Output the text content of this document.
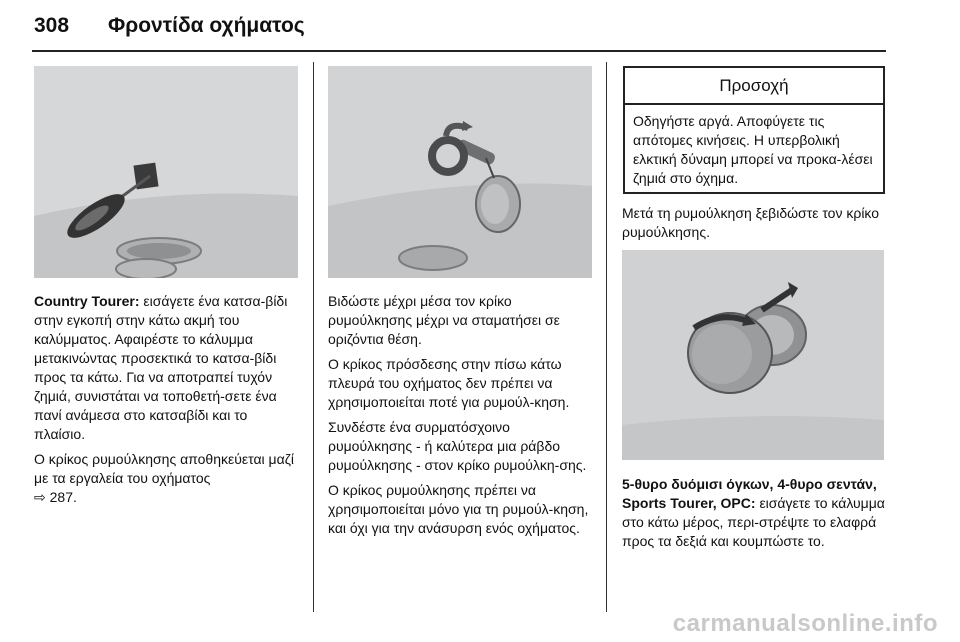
308 Φροντίδα οχήματος

Country Tourer: εισάγετε ένα κατσα-βίδι στην εγκοπή στην κάτω ακμή του καλύμματος. Αφαιρέστε το κάλυμμα μετακινώντας προσεκτικά το κατσα-βίδι προς τα κάτω. Για να αποτραπεί τυχόν ζημιά, συνιστάται να τοποθετή-σετε ένα πανί ανάμεσα στο κατσαβίδι και το πλαίσιο.

Ο κρίκος ρυμούλκησης αποθηκεύεται μαζί με τα εργαλεία του οχήματος
⇨ 287.

Βιδώστε μέχρι μέσα τον κρίκο ρυμούλκησης μέχρι να σταματήσει σε οριζόντια θέση.

Ο κρίκος πρόσδεσης στην πίσω κάτω πλευρά του οχήματος δεν πρέπει να χρησιμοποιείται ποτέ για ρυμούλ-κηση.

Συνδέστε ένα συρματόσχοινο ρυμούλκησης - ή καλύτερα μια ράβδο ρυμούλκησης - στον κρίκο ρυμούλκη-σης.

Ο κρίκος ρυμούλκησης πρέπει να χρησιμοποιείται μόνο για τη ρυμούλ-κηση, και όχι για την ανάσυρση ενός οχήματος.

Προσοχή
Οδηγήστε αργά. Αποφύγετε τις απότομες κινήσεις. Η υπερβολική ελκτική δύναμη μπορεί να προκα-λέσει ζημιά στο όχημα.

Μετά τη ρυμούλκηση ξεβιδώστε τον κρίκο ρυμούλκησης.

5-θυρο δυόμισι όγκων, 4-θυρο σεντάν, Sports Tourer, OPC: εισάγετε το κάλυμμα στο κάτω μέρος, περι-στρέψτε το ελαφρά προς τα δεξιά και κουμπώστε το.

carmanualsonline.info
